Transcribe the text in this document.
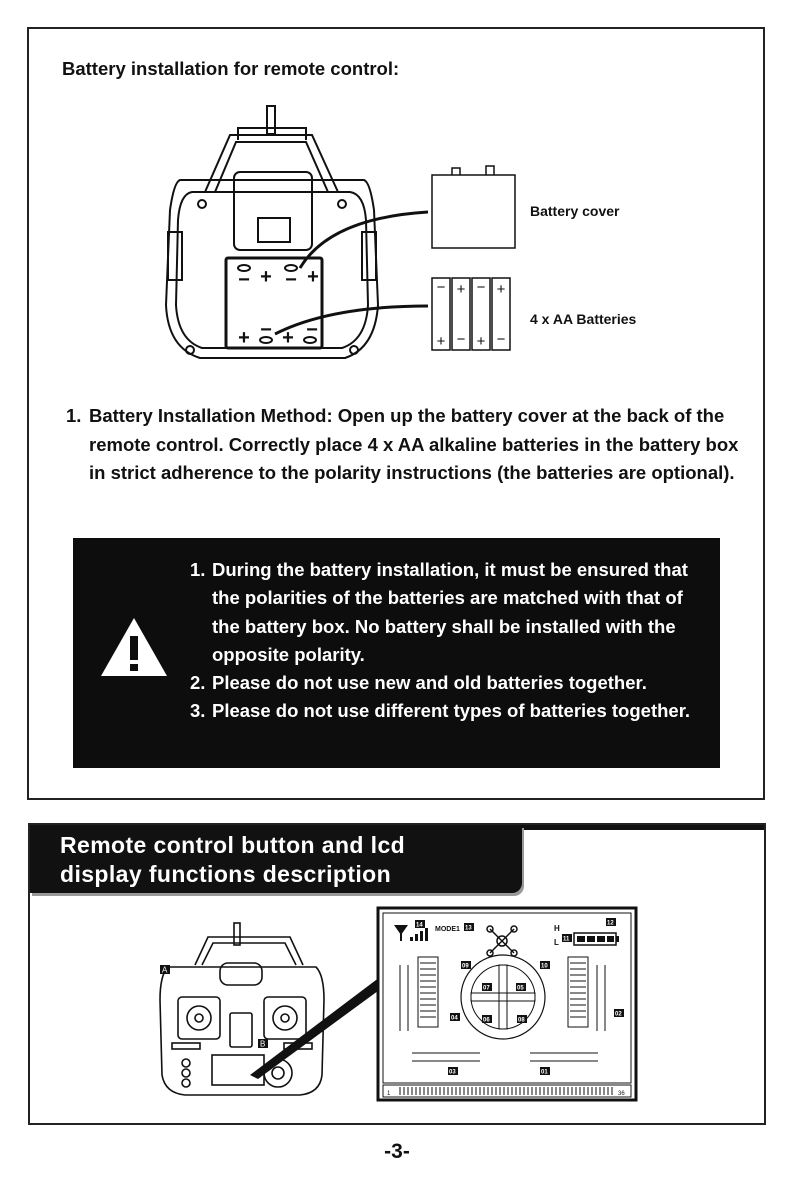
Battery installation for remote control:
− + − +
+ − + −
− + − +
+ − + −
Battery cover
4 x AA Batteries
1. Battery Installation Method: Open up the battery cover at the back of the remote control. Correctly place 4 x AA alkaline batteries in the battery box in strict adherence to the polarity instructions (the batteries are optional).
1. During the battery installation, it must be ensured that the polarities of the batteries are matched with that of the battery box. No battery shall be installed with the opposite polarity.
2. Please do not use new and old batteries together.
3. Please do not use different types of batteries together.
Remote control button and lcd
display functions description
A
B
1	36
MODE1	H
L
14	13
12
11
10
09
08
07
06
05
04
03
02
01
-3-
